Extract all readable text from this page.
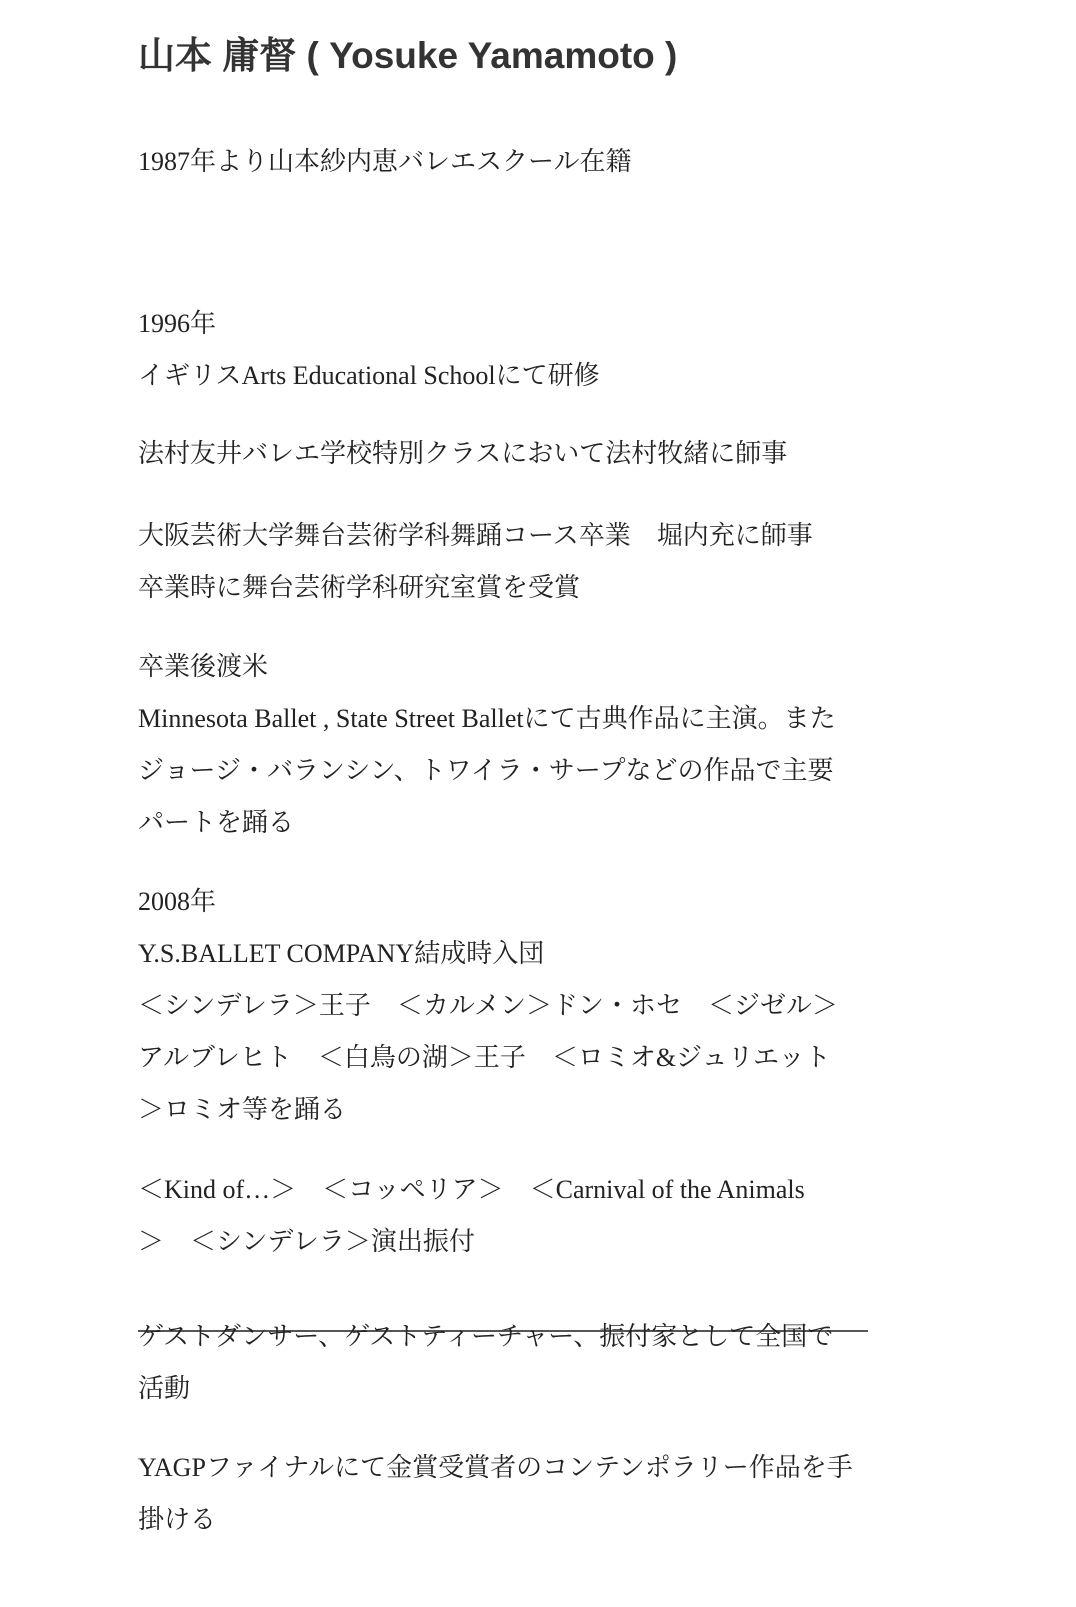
山本 庸督 ( Yosuke Yamamoto )
1987年より山本紗内恵バレエスクール在籍
1996年
イギリスArts Educational Schoolにて研修
法村友井バレエ学校特別クラスにおいて法村牧緒に師事
大阪芸術大学舞台芸術学科舞踊コース卒業　堀内充に師事
卒業時に舞台芸術学科研究室賞を受賞
卒業後渡米
Minnesota Ballet , State Street Balletにて古典作品に主演。また
ジョージ・バランシン、トワイラ・サープなどの作品で主要
パートを踊る
2008年
Y.S.BALLET COMPANY結成時入団
＜シンデレラ＞王子　＜カルメン＞ドン・ホセ　＜ジゼル＞
アルブレヒト　＜白鳥の湖＞王子　＜ロミオ&ジュリエット
＞ロミオ等を踊る
＜Kind of…＞　＜コッペリア＞　＜Carnival of the Animals
＞　＜シンデレラ＞演出振付
ゲストダンサー、ゲストティーチャー、振付家として全国で
活動
YAGPファイナルにて金賞受賞者のコンテンポラリー作品を手
掛ける
